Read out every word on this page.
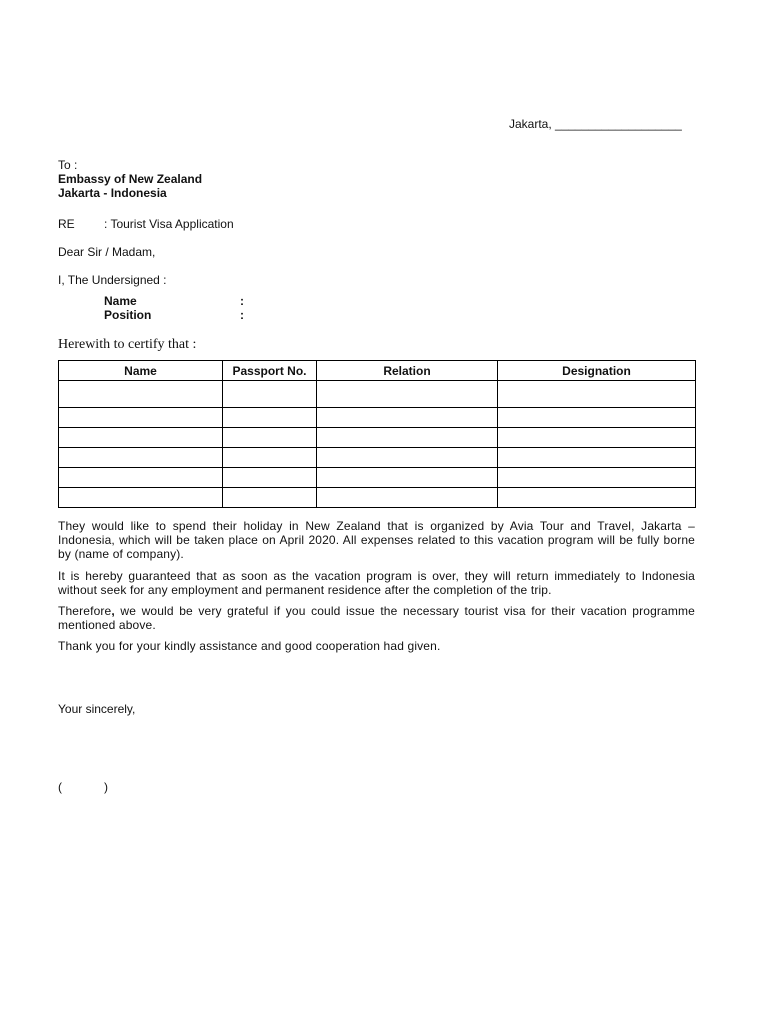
Jakarta, ___________________
To :
Embassy of New Zealand
Jakarta - Indonesia
RE : Tourist Visa Application
Dear Sir / Madam,
I, The Undersigned :
Name	:
Position	:
Herewith to certify that :
Name	Passport No.	Relation	Designation

They would like to spend their holiday in New Zealand that is organized by Avia Tour and Travel, Jakarta – Indonesia, which will be taken place on April 2020. All expenses related to this vacation program will be fully borne by (name of company).
It is hereby guaranteed that as soon as the vacation program is over, they will return immediately to Indonesia without seek for any employment and permanent residence after the completion of the trip.
Therefore, we would be very grateful if you could issue the necessary tourist visa for their vacation programme mentioned above.
Thank you for your kindly assistance and good cooperation had given.
Your sincerely,
(	)
